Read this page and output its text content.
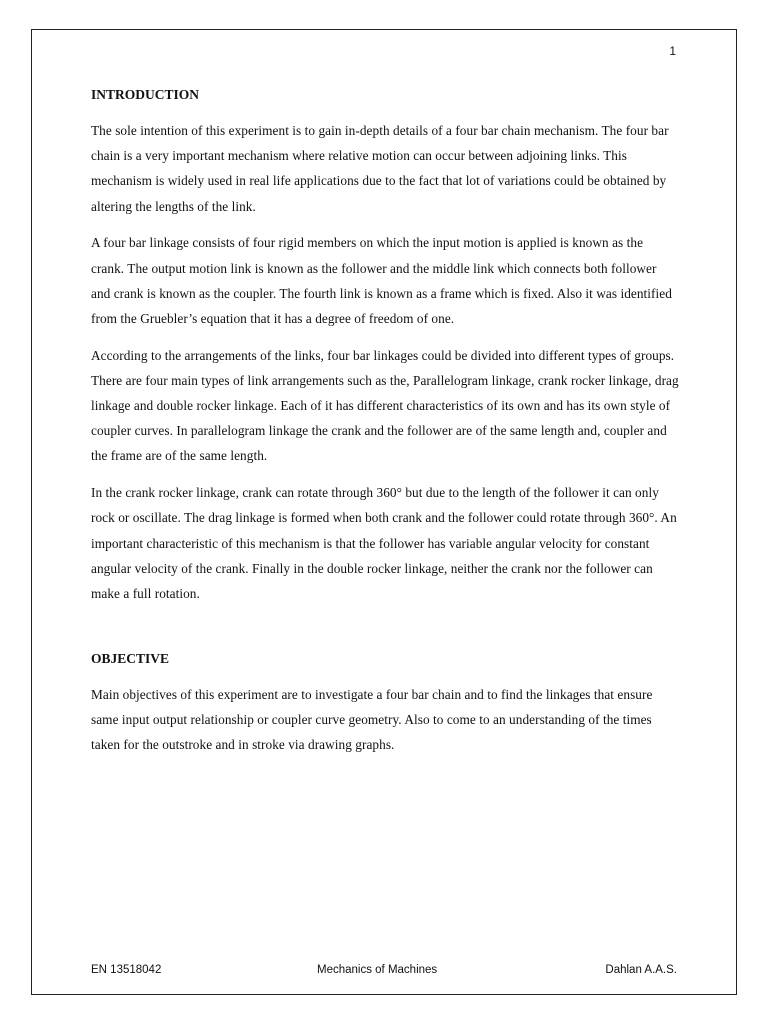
1
INTRODUCTION

The sole intention of this experiment is to gain in-depth details of a four bar chain mechanism. The four bar chain is a very important mechanism where relative motion can occur between adjoining links. This mechanism is widely used in real life applications due to the fact that lot of variations could be obtained by altering the lengths of the link.

A four bar linkage consists of four rigid members on which the input motion is applied is known as the crank. The output motion link is known as the follower and the middle link which connects both follower and crank is known as the coupler. The fourth link is known as a frame which is fixed. Also it was identified from the Gruebler’s equation that it has a degree of freedom of one.

According to the arrangements of the links, four bar linkages could be divided into different types of groups. There are four main types of link arrangements such as the, Parallelogram linkage, crank rocker linkage, drag linkage and double rocker linkage. Each of it has different characteristics of its own and has its own style of coupler curves. In parallelogram linkage the crank and the follower are of the same length and, coupler and the frame are of the same length.

In the crank rocker linkage, crank can rotate through 360° but due to the length of the follower it can only rock or oscillate. The drag linkage is formed when both crank and the follower could rotate through 360°. An important characteristic of this mechanism is that the follower has variable angular velocity for constant angular velocity of the crank. Finally in the double rocker linkage, neither the crank nor the follower can make a full rotation.

OBJECTIVE

Main objectives of this experiment are to investigate a four bar chain and to find the linkages that ensure same input output relationship or coupler curve geometry. Also to come to an understanding of the times taken for the outstroke and in stroke via drawing graphs.

EN 13518042	Mechanics of Machines	Dahlan A.A.S.
